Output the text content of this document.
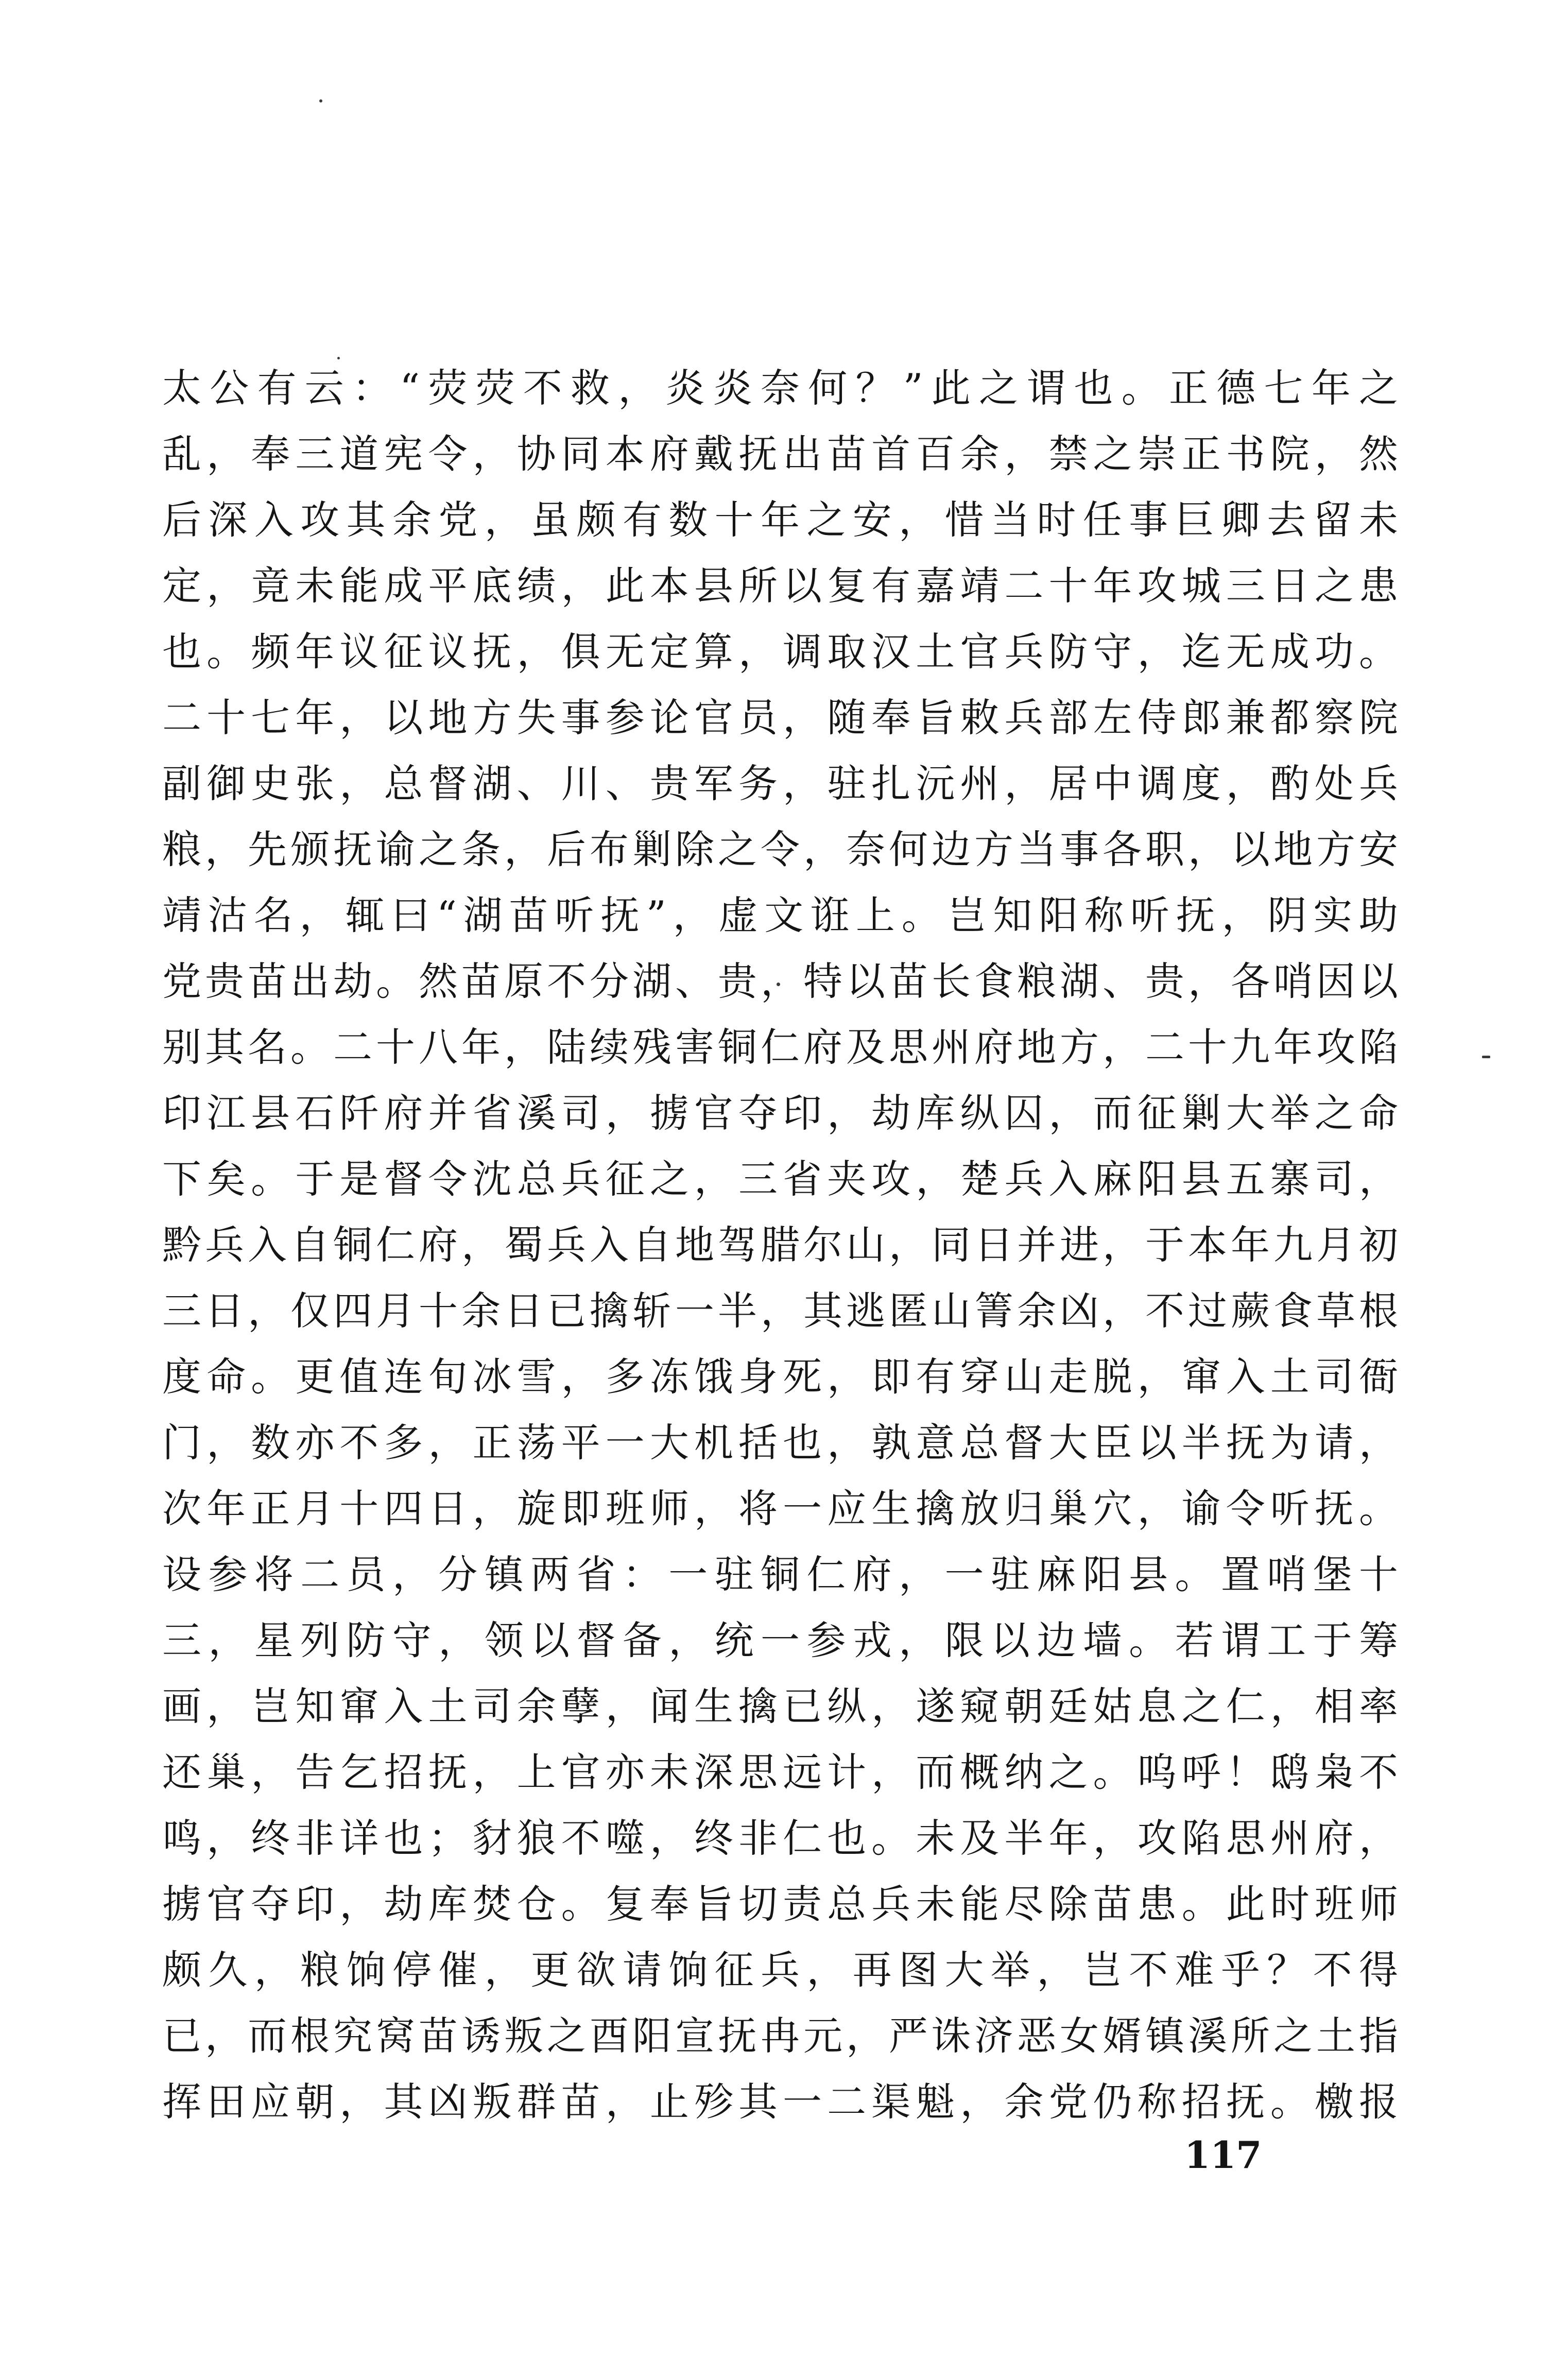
太公有云：“荧荧不救，炎炎奈何？”此之谓也。正德七年之
乱，奉三道宪令，协同本府戴抚出苗首百余，禁之崇正书院，然
后深入攻其余党，虽颇有数十年之安，惜当时任事巨卿去留未
定，竟未能成平底绩，此本县所以复有嘉靖二十年攻城三日之患
也。频年议征议抚，俱无定算，调取汉土官兵防守，迄无成功。
二十七年，以地方失事参论官员，随奉旨敕兵部左侍郎兼都察院
副御史张，总督湖、川、贵军务，驻扎沅州，居中调度，酌处兵
粮，先颁抚谕之条，后布剿除之令，奈何边方当事各职，以地方安
靖沽名，辄曰“湖苗听抚”，虚文诳上。岂知阳称听抚，阴实助
党贵苗出劫。然苗原不分湖、贵，特以苗长食粮湖、贵，各哨因以
别其名。二十八年，陆续残害铜仁府及思州府地方，二十九年攻陷
印江县石阡府并省溪司，掳官夺印，劫库纵囚，而征剿大举之命
下矣。于是督令沈总兵征之，三省夹攻，楚兵入麻阳县五寨司，
黔兵入自铜仁府，蜀兵入自地驾腊尔山，同日并进，于本年九月初
三日，仅四月十余日已擒斩一半，其逃匿山箐余凶，不过蕨食草根
度命。更值连旬冰雪，多冻饿身死，即有穿山走脱，窜入土司衙
门，数亦不多，正荡平一大机括也，孰意总督大臣以半抚为请，
次年正月十四日，旋即班师，将一应生擒放归巢穴，谕令听抚。
设参将二员，分镇两省：一驻铜仁府，一驻麻阳县。置哨堡十
三，星列防守，领以督备，统一参戎，限以边墙。若谓工于筹
画，岂知窜入土司余孽，闻生擒已纵，遂窥朝廷姑息之仁，相率
还巢，告乞招抚，上官亦未深思远计，而概纳之。呜呼！鸱枭不
鸣，终非详也；豺狼不噬，终非仁也。未及半年，攻陷思州府，
掳官夺印，劫库焚仓。复奉旨切责总兵未能尽除苗患。此时班师
颇久，粮饷停催，更欲请饷征兵，再图大举，岂不难乎？不得
已，而根究窝苗诱叛之酉阳宣抚冉元，严诛济恶女婿镇溪所之土指
挥田应朝，其凶叛群苗，止殄其一二渠魁，余党仍称招抚。檄报
117
